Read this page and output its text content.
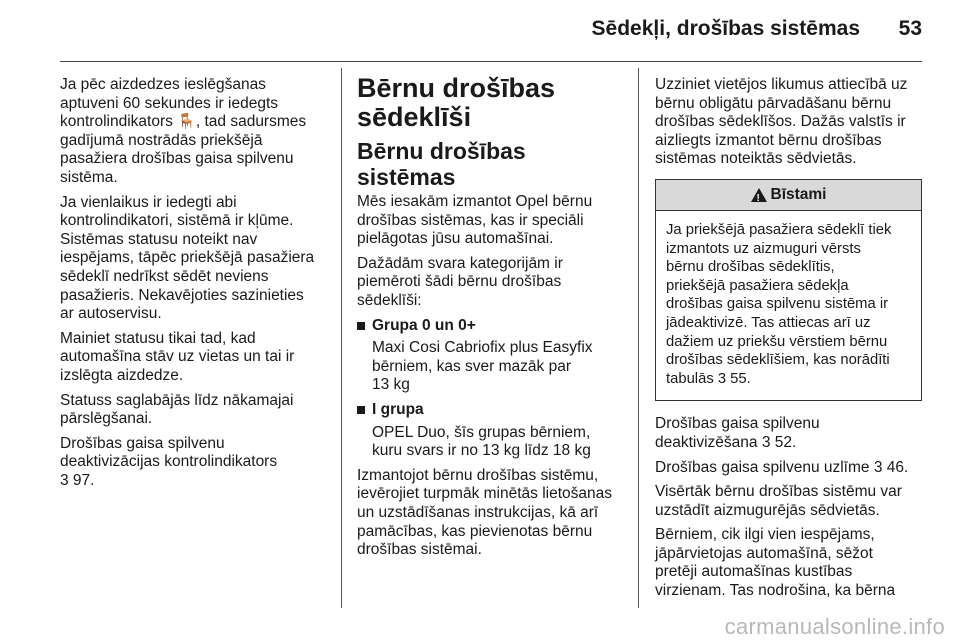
Sēdekļi, drošības sistēmas 53
Ja pēc aizdedzes ieslēgšanas
aptuveni 60 sekundes ir iedegts
kontrolindikators 🪑, tad sadursmes
gadījumā nostrādās priekšējā
pasažiera drošības gaisa spilvenu
sistēma.
Ja vienlaikus ir iedegti abi
kontrolindikatori, sistēmā ir kļūme.
Sistēmas statusu noteikt nav
iespējams, tāpēc priekšējā pasažiera
sēdeklī nedrīkst sēdēt neviens
pasažieris. Nekavējoties sazinieties
ar autoservisu.
Mainiet statusu tikai tad, kad
automašīna stāv uz vietas un tai ir
izslēgta aizdedze.
Statuss saglabājās līdz nākamajai
pārslēgšanai.
Drošības gaisa spilvenu
deaktivizācijas kontrolindikators
3 97.
Bērnu drošības
sēdeklīši
Bērnu drošības sistēmas
Mēs iesakām izmantot Opel bērnu
drošības sistēmas, kas ir speciāli
pielāgotas jūsu automašīnai.
Dažādām svara kategorijām ir
piemēroti šādi bērnu drošības
sēdeklīši:
Grupa 0 un 0+
Maxi Cosi Cabriofix plus Easyfix
bērniem, kas sver mazāk par
13 kg
I grupa
OPEL Duo, šīs grupas bērniem,
kuru svars ir no 13 kg līdz 18 kg
Izmantojot bērnu drošības sistēmu,
ievērojiet turpmāk minētās lietošanas
un uzstādīšanas instrukcijas, kā arī
pamācības, kas pievienotas bērnu
drošības sistēmai.
Uzziniet vietējos likumus attiecībā uz
bērnu obligātu pārvadāšanu bērnu
drošības sēdeklīšos. Dažās valstīs ir
aizliegts izmantot bērnu drošības
sistēmas noteiktās sēdvietās.
!
Bīstami
Ja priekšējā pasažiera sēdeklī tiek
izmantots uz aizmuguri vērsts
bērnu drošības sēdeklītis,
priekšējā pasažiera sēdekļa
drošības gaisa spilvenu sistēma ir
jādeaktivizē. Tas attiecas arī uz
dažiem uz priekšu vērstiem bērnu
drošības sēdeklīšiem, kas norādīti
tabulās 3 55.
Drošības gaisa spilvenu
deaktivizēšana 3 52.
Drošības gaisa spilvenu uzlīme 3 46.
Visērtāk bērnu drošības sistēmu var
uzstādīt aizmugurējās sēdvietās.
Bērniem, cik ilgi vien iespējams,
jāpārvietojas automašīnā, sēžot
pretēji automašīnas kustības
virzienam. Tas nodrošina, ka bērna
carmanualsonline.info
